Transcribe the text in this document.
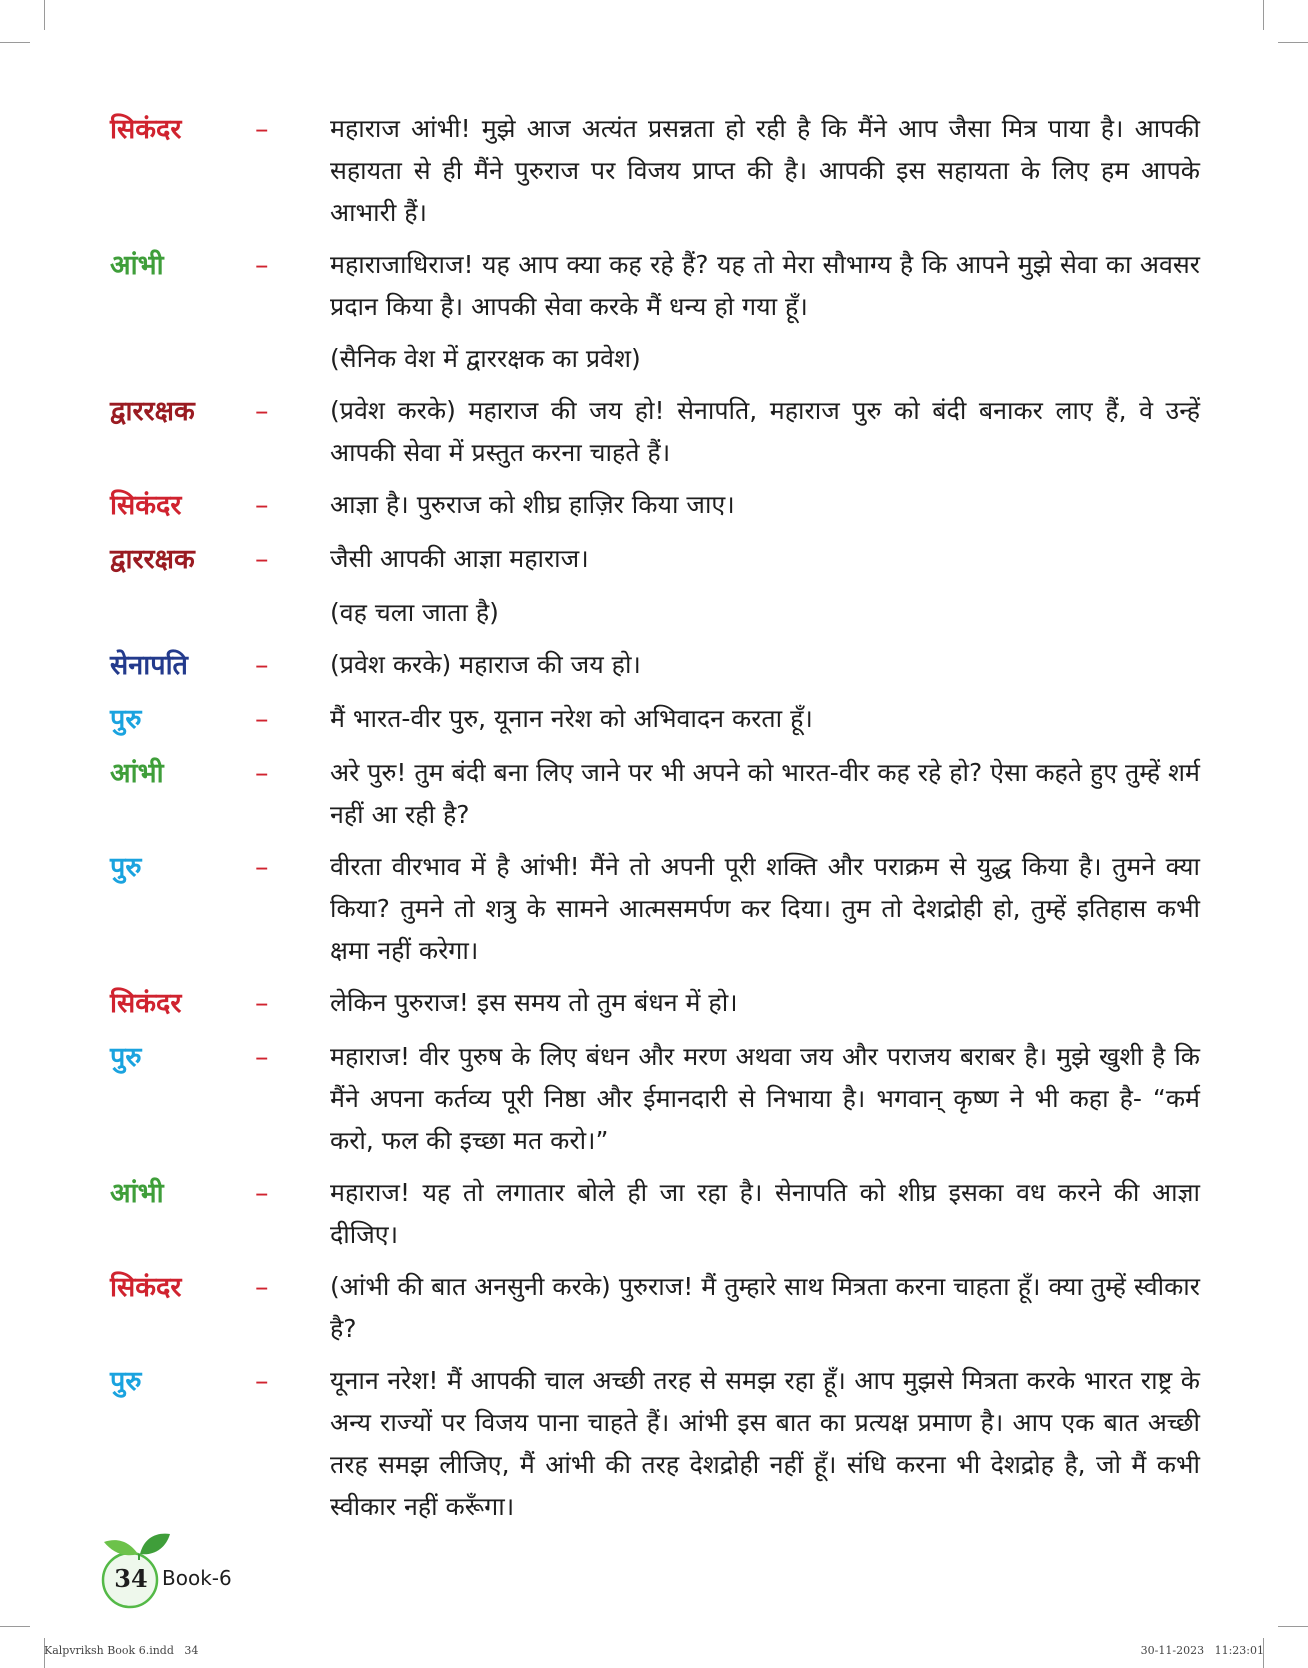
सिकंदर	–	महाराज आंभी! मुझे आज अत्यंत प्रसन्नता हो रही है कि मैंने आप जैसा मित्र पाया है। आपकी सहायता से ही मैंने पुरुराज पर विजय प्राप्त की है। आपकी इस सहायता के लिए हम आपके आभारी हैं।
आंभी	–	महाराजाधिराज! यह आप क्या कह रहे हैं? यह तो मेरा सौभाग्य है कि आपने मुझे सेवा का अवसर प्रदान किया है। आपकी सेवा करके मैं धन्य हो गया हूँ।
(सैनिक वेश में द्वाररक्षक का प्रवेश)
द्वाररक्षक	–	(प्रवेश करके) महाराज की जय हो! सेनापति, महाराज पुरु को बंदी बनाकर लाए हैं, वे उन्हें आपकी सेवा में प्रस्तुत करना चाहते हैं।
सिकंदर	–	आज्ञा है। पुरुराज को शीघ्र हाज़िर किया जाए।
द्वाररक्षक	–	जैसी आपकी आज्ञा महाराज।
(वह चला जाता है)
सेनापति	–	(प्रवेश करके) महाराज की जय हो।
पुरु	–	मैं भारत-वीर पुरु, यूनान नरेश को अभिवादन करता हूँ।
आंभी	–	अरे पुरु! तुम बंदी बना लिए जाने पर भी अपने को भारत-वीर कह रहे हो? ऐसा कहते हुए तुम्हें शर्म नहीं आ रही है?
पुरु	–	वीरता वीरभाव में है आंभी! मैंने तो अपनी पूरी शक्ति और पराक्रम से युद्ध किया है। तुमने क्या किया? तुमने तो शत्रु के सामने आत्मसमर्पण कर दिया। तुम तो देशद्रोही हो, तुम्हें इतिहास कभी क्षमा नहीं करेगा।
सिकंदर	–	लेकिन पुरुराज! इस समय तो तुम बंधन में हो।
पुरु	–	महाराज! वीर पुरुष के लिए बंधन और मरण अथवा जय और पराजय बराबर है। मुझे खुशी है कि मैंने अपना कर्तव्य पूरी निष्ठा और ईमानदारी से निभाया है। भगवान् कृष्ण ने भी कहा है- “कर्म करो, फल की इच्छा मत करो।”
आंभी	–	महाराज! यह तो लगातार बोले ही जा रहा है। सेनापति को शीघ्र इसका वध करने की आज्ञा दीजिए।
सिकंदर	–	(आंभी की बात अनसुनी करके) पुरुराज! मैं तुम्हारे साथ मित्रता करना चाहता हूँ। क्या तुम्हें स्वीकार है?
पुरु	–	यूनान नरेश! मैं आपकी चाल अच्छी तरह से समझ रहा हूँ। आप मुझसे मित्रता करके भारत राष्ट्र के अन्य राज्यों पर विजय पाना चाहते हैं। आंभी इस बात का प्रत्यक्ष प्रमाण है। आप एक बात अच्छी तरह समझ लीजिए, मैं आंभी की तरह देशद्रोही नहीं हूँ। संधि करना भी देशद्रोह है, जो मैं कभी स्वीकार नहीं करूँगा।
34 Book-6
Kalpvriksh Book 6.indd   34	30-11-2023   11:23:01
